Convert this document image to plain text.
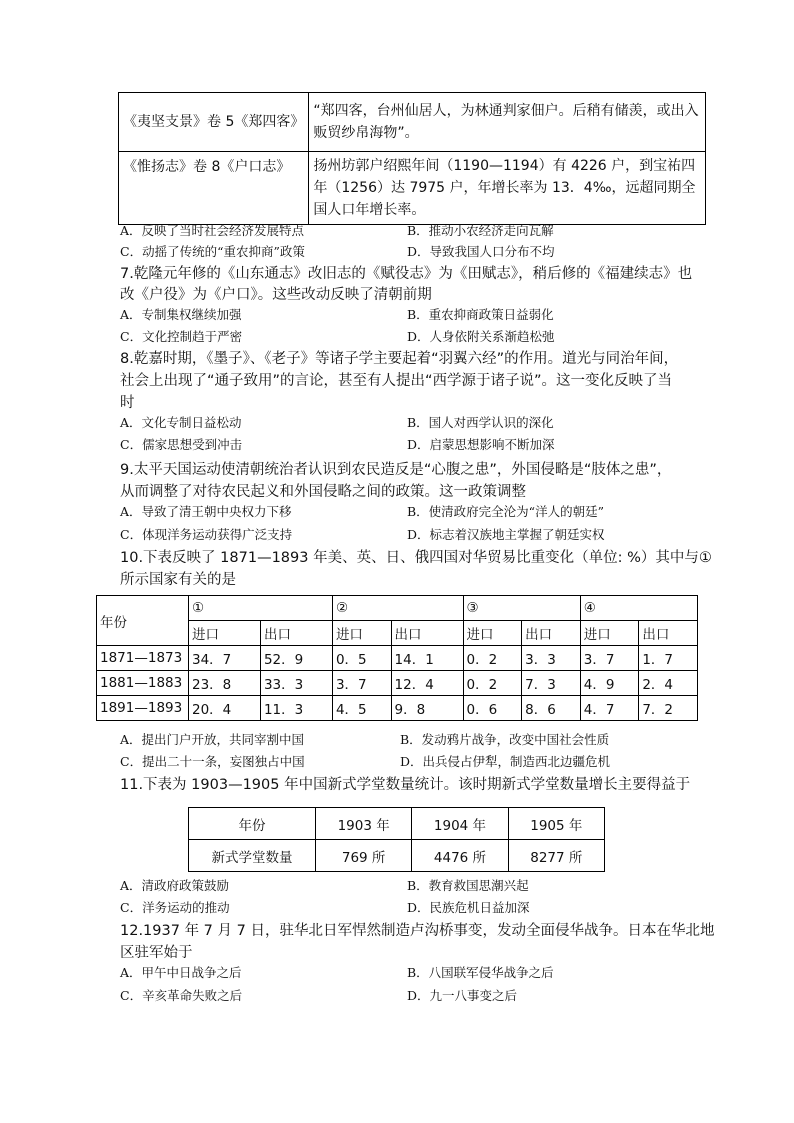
《夷坚支景》卷 5《郑四客》	“郑四客，台州仙居人，为林通判家佃户。后稍有储羡，或出入贩贸纱帛海物”。
《惟扬志》卷 8《户口志》	扬州坊郭户绍熙年间（1190—1194）有 4226 户，到宝祐四年（1256）达 7975 户，年增长率为 13．4‰，远超同期全国人口年增长率。
A．反映了当时社会经济发展特点	B．推动小农经济走向瓦解
C．动摇了传统的“重农抑商”政策	D．导致我国人口分布不均
7.乾隆元年修的《山东通志》改旧志的《赋役志》为《田赋志》，稍后修的《福建续志》也
改《户役》为《户口》。这些改动反映了清朝前期
A．专制集权继续加强	B．重农抑商政策日益弱化
C．文化控制趋于严密	D．人身依附关系渐趋松弛
8.乾嘉时期，《墨子》、《老子》等诸子学主要起着“羽翼六经”的作用。道光与同治年间，
社会上出现了“通子致用”的言论，甚至有人提出“西学源于诸子说”。这一变化反映了当
时
A．文化专制日益松动	B．国人对西学认识的深化
C．儒家思想受到冲击	D．启蒙思想影响不断加深
9.太平天国运动使清朝统治者认识到农民造反是“心腹之患”，外国侵略是“肢体之患”，
从而调整了对待农民起义和外国侵略之间的政策。这一政策调整
A．导致了清王朝中央权力下移	B．使清政府完全沦为“洋人的朝廷”
C．体现洋务运动获得广泛支持	D．标志着汉族地主掌握了朝廷实权
10.下表反映了 1871—1893 年美、英、日、俄四国对华贸易比重变化（单位: %）其中与①
所示国家有关的是
年份	①		②		③		④	
	进口	出口	进口	出口	进口	出口	进口	出口
1871—1873	34．7	52．9	0．5	14．1	0．2	3．3	3．7	1．7
1881—1883	23．8	33．3	3．7	12．4	0．2	7．3	4．9	2．4
1891—1893	20．4	11．3	4．5	9．8	0．6	8．6	4．7	7．2
A．提出门户开放，共同宰割中国	B．发动鸦片战争，改变中国社会性质
C．提出二十一条，妄图独占中国	D．出兵侵占伊犁，制造西北边疆危机
11.下表为 1903—1905 年中国新式学堂数量统计。该时期新式学堂数量增长主要得益于
年份	1903 年	1904 年	1905 年
新式学堂数量	769 所	4476 所	8277 所
A．清政府政策鼓励	B．教育救国思潮兴起
C．洋务运动的推动	D．民族危机日益加深
12.1937 年 7 月 7 日，驻华北日军悍然制造卢沟桥事变，发动全面侵华战争。日本在华北地
区驻军始于
A．甲午中日战争之后	B．八国联军侵华战争之后
C．辛亥革命失败之后	D．九一八事变之后
